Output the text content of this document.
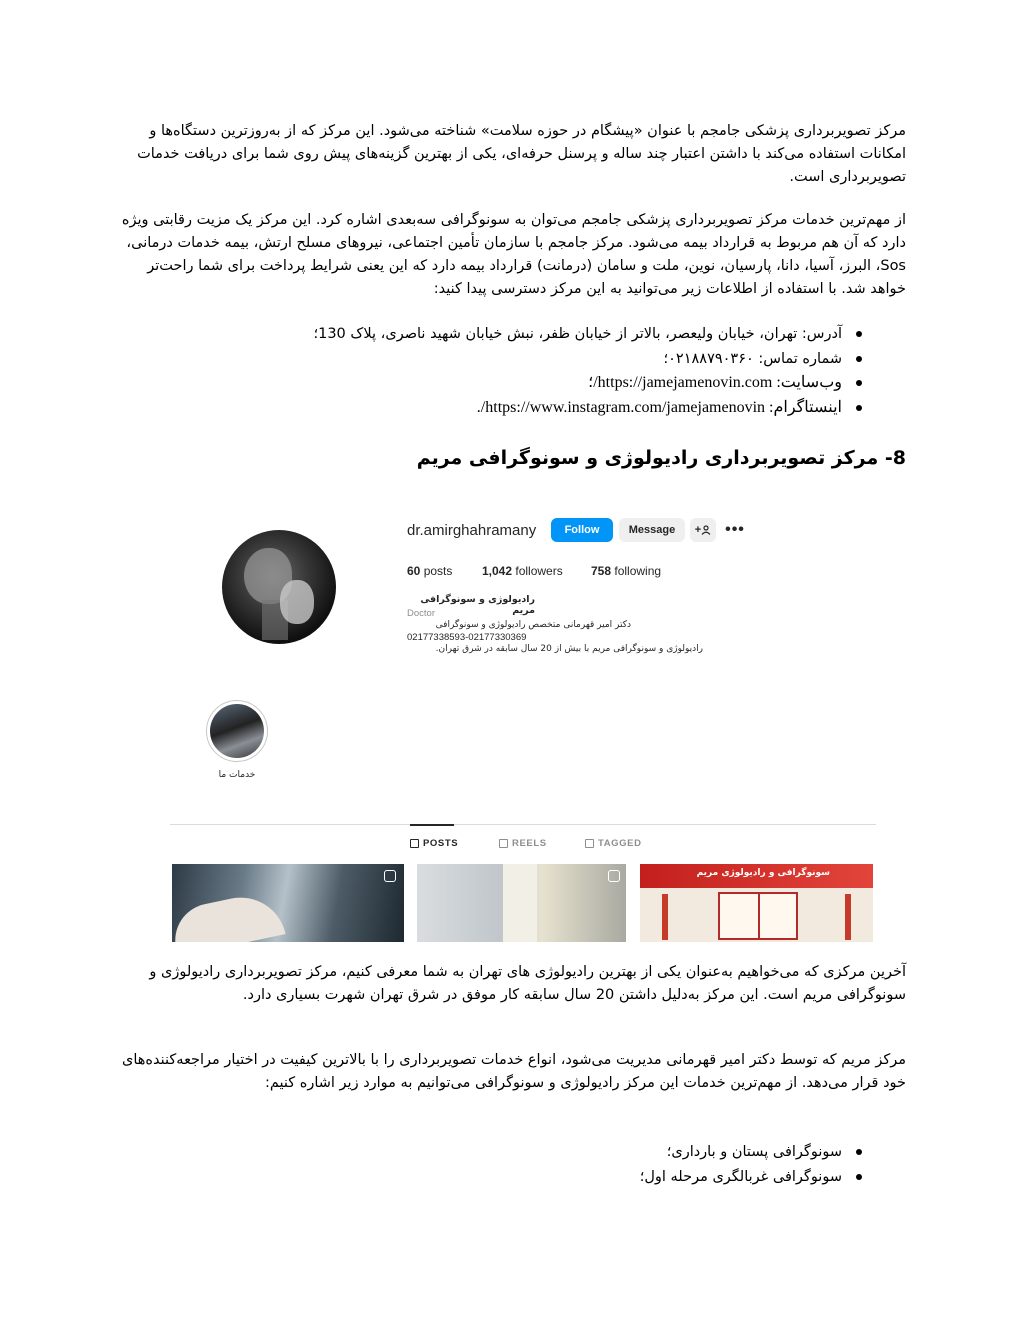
مرکز تصویربرداری پزشکی جامجم با عنوان «پیشگام در حوزه سلامت» شناخته می‌شود. این مرکز که از به‌روزترین دستگاه‌ها و امکانات استفاده می‌کند با داشتن اعتبار چند ساله و پرسنل حرفه‌ای، یکی از بهترین گزینه‌های پیش روی شما برای دریافت خدمات تصویربرداری است.

از مهم‌ترین خدمات مرکز تصویربرداری پزشکی جامجم می‌توان به سونوگرافی سه‌بعدی اشاره کرد. این مرکز یک مزیت رقابتی ویژه دارد که آن هم مربوط به قرارداد بیمه می‌شود. مرکز جامجم با سازمان تأمین اجتماعی، نیروهای مسلح ارتش، بیمه خدمات درمانی، Sos، البرز، آسیا، دانا، پارسیان، نوین، ملت و سامان (درمانت) قرارداد بیمه دارد که این یعنی شرایط پرداخت برای شما راحت‌تر خواهد شد. با استفاده از اطلاعات زیر می‌توانید به این مرکز دسترسی پیدا کنید:

آدرس: تهران، خیابان ولیعصر، بالاتر از خیابان ظفر، نبش خیابان شهید ناصری، پلاک 130؛
شماره تماس: ۰۲۱۸۸۷۹۰۳۶۰؛
وب‌سایت: https://jamejamenovin.com/؛
اینستاگرام: https://www.instagram.com/jamejamenovin/.
8- مرکز تصویربرداری رادیولوژی و سونوگرافی مریم
dr.amirghahramany	Follow	Message	+ •••
60 posts 1,042 followers 758 following
رادیولوژی و سونوگرافی مریم
Doctor
دکتر امیر قهرمانی متخصص رادیولوژی و سونوگرافی
02177338593-02177330369
رادیولوژی و سونوگرافی مریم با بیش از 20 سال سابقه در شرق تهران.
خدمات ما
POSTS	REELS	TAGGED
سونوگرافی و رادیولوژی مریم

آخرین مرکزی که می‌خواهیم به‌عنوان یکی از بهترین رادیولوژی های تهران به شما معرفی کنیم، مرکز تصویربرداری رادیولوژی و سونوگرافی مریم است. این مرکز به‌دلیل داشتن 20 سال سابقه کار موفق در شرق تهران شهرت بسیاری دارد.

مرکز مریم که توسط دکتر امیر قهرمانی مدیریت می‌شود، انواع خدمات تصویربرداری را با بالاترین کیفیت در اختیار مراجعه‌کننده‌های خود قرار می‌دهد. از مهم‌ترین خدمات این مرکز رادیولوژی و سونوگرافی می‌توانیم به موارد زیر اشاره کنیم:

سونوگرافی پستان و بارداری؛
سونوگرافی غربالگری مرحله اول؛
